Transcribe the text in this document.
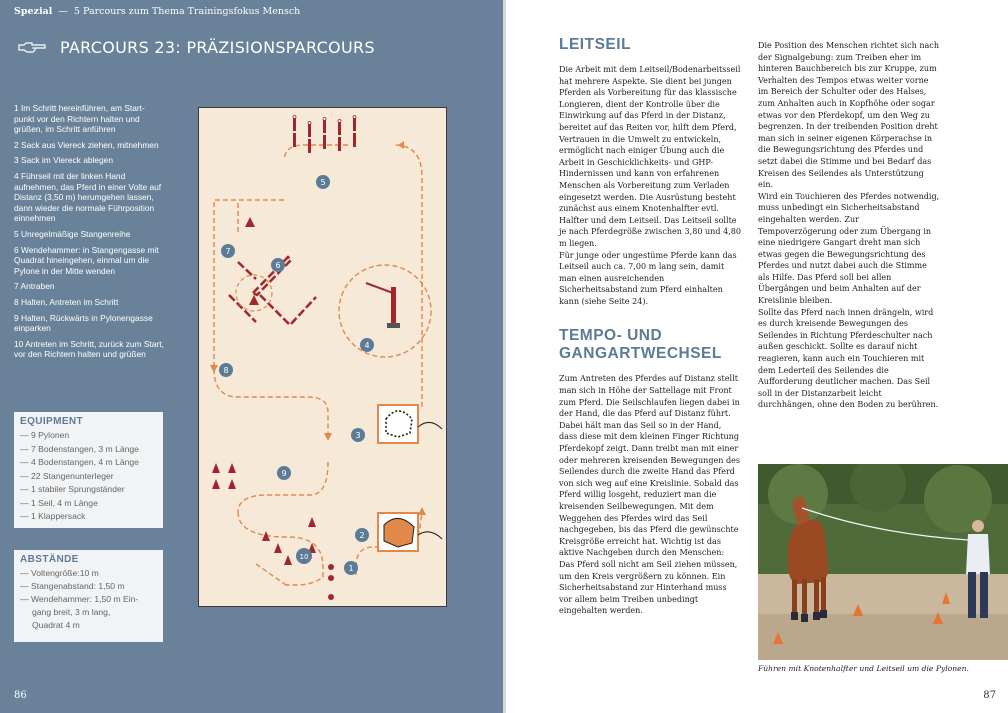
Spezial — 5 Parcours zum Thema Trainingsfokus Mensch
PARCOURS 23: PRÄZISIONSPARCOURS

1 Im Schritt hereinführen, am Start-punkt vor den Richtern halten und grüßen, im Schritt anführen

2 Sack aus Viereck ziehen, mitnehmen

3 Sack im Viereck ablegen

4 Führseil mit der linken Hand aufnehmen, das Pferd in einer Volte auf Distanz (3,50 m) herumgehen lassen, dann wieder die normale Führposition einnehmen

5 Unregelmäßige Stangenreihe

6 Wendehammer: in Stangengasse mit Quadrat hineingehen, einmal um die Pylone in der Mitte wenden

7 Antraben

8 Halten, Antreten im Schritt

9 Halten, Rückwärts in Pylonengasse einparken

10 Antreten im Schritt, zurück zum Start, vor den Richtern halten und grüßen

EQUIPMENT
— 9 Pylonen
— 7 Bodenstangen, 3 m Länge
— 4 Bodenstangen, 4 m Länge
— 22 Stangenunterleger
— 1 stabiler Sprungständer
— 1 Seil, 4 m Länge
— 1 Klappersack
ABSTÄNDE
— Voltengröße:10 m
— Stangenabstand: 1,50 m
— Wendehammer: 1,50 m Ein-
gang breit, 3 m lang,
Quadrat 4 m
1
2
3
4
5
6
7
8
9
10
86
LEITSEIL

Die Arbeit mit dem Leitseil/Bodenarbeitsseil hat mehrere Aspekte. Sie dient bei jungen Pferden als Vorbereitung für das klassische Longieren, dient der Kontrolle über die Einwirkung auf das Pferd in der Distanz, bereitet auf das Reiten vor, hilft dem Pferd, Vertrauen in die Umwelt zu entwickeln, ermöglicht nach einiger Übung auch die Arbeit in Geschicklichkeits- und GHP-Hindernissen und kann von erfahrenen Menschen als Vorbereitung zum Verladen eingesetzt werden. Die Ausrüstung besteht zunächst aus einem Knotenhalfter evtl. Halfter und dem Leitseil. Das Leitseil sollte je nach Pferdegröße zwischen 3,80 und 4,80 m liegen.

Für junge oder ungestüme Pferde kann das Leitseil auch ca. 7,00 m lang sein, damit man einen ausreichenden Sicherheitsabstand zum Pferd einhalten kann (siehe Seite 24).

TEMPO- UND GANGARTWECHSEL

Zum Antreten des Pferdes auf Distanz stellt man sich in Höhe der Sattellage mit Front zum Pferd. Die Seilschlaufen liegen dabei in der Hand, die das Pferd auf Distanz führt. Dabei hält man das Seil so in der Hand, dass diese mit dem kleinen Finger Richtung Pferdekopf zeigt. Dann treibt man mit einer oder mehreren kreisenden Bewegungen des Seilendes durch die zweite Hand das Pferd von sich weg auf eine Kreislinie. Sobald das Pferd willig losgeht, reduziert man die kreisenden Seilbewegungen. Mit dem Weggehen des Pferdes wird das Seil nachgegeben, bis das Pferd die gewünschte Kreisgröße erreicht hat. Wichtig ist das aktive Nachgeben durch den Menschen: Das Pferd soll nicht am Seil ziehen müssen, um den Kreis vergrößern zu können. Ein Sicherheitsabstand zur Hinterhand muss vor allem beim Treiben unbedingt eingehalten werden.

Die Position des Menschen richtet sich nach der Signalgebung: zum Treiben eher im hinteren Bauchbereich bis zur Kruppe, zum Verhalten des Tempos etwas weiter vorne im Bereich der Schulter oder des Halses, zum Anhalten auch in Kopfhöhe oder sogar etwas vor den Pferdekopf, um den Weg zu begrenzen. In der treibenden Position dreht man sich in seiner eigenen Körperachse in die Bewegungsrichtung des Pferdes und setzt dabei die Stimme und bei Bedarf das Kreisen des Seilendes als Unterstützung ein.

Wird ein Touchieren des Pferdes notwendig, muss unbedingt ein Sicherheitsabstand eingehalten werden. Zur Tempoverzögerung oder zum Übergang in eine niedrigere Gangart dreht man sich etwas gegen die Bewegungsrichtung des Pferdes und nutzt dabei auch die Stimme als Hilfe. Das Pferd soll bei allen Übergängen und beim Anhalten auf der Kreislinie bleiben.

Sollte das Pferd nach innen drängeln, wird es durch kreisende Bewegungen des Seilendes in Richtung Pferdeschulter nach außen geschickt. Sollte es darauf nicht reagieren, kann auch ein Touchieren mit dem Lederteil des Seilendes die Aufforderung deutlicher machen. Das Seil soll in der Distanzarbeit leicht durchhängen, ohne den Boden zu berühren.

Führen mit Knotenhalfter und Leitseil um die Pylonen.
87
